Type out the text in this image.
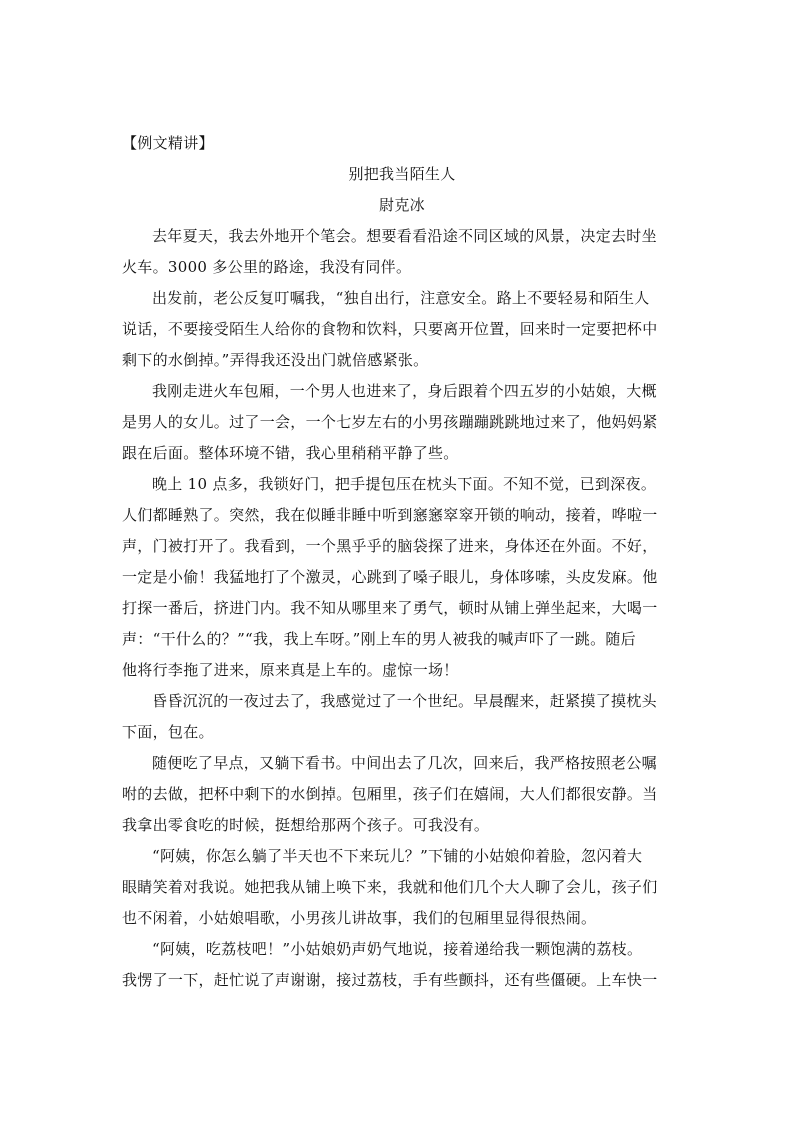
【例文精讲】

别把我当陌生人

尉克冰

去年夏天，我去外地开个笔会。想要看看沿途不同区域的风景，决定去时坐
火车。3000 多公里的路途，我没有同伴。

出发前，老公反复叮嘱我，“独自出行，注意安全。路上不要轻易和陌生人
说话，不要接受陌生人给你的食物和饮料，只要离开位置，回来时一定要把杯中
剩下的水倒掉。”弄得我还没出门就倍感紧张。

我刚走进火车包厢，一个男人也进来了，身后跟着个四五岁的小姑娘，大概
是男人的女儿。过了一会，一个七岁左右的小男孩蹦蹦跳跳地过来了，他妈妈紧
跟在后面。整体环境不错，我心里稍稍平静了些。

晚上 10 点多，我锁好门，把手提包压在枕头下面。不知不觉，已到深夜。
人们都睡熟了。突然，我在似睡非睡中听到窸窸窣窣开锁的响动，接着，哗啦一
声，门被打开了。我看到，一个黑乎乎的脑袋探了进来，身体还在外面。不好，
一定是小偷！我猛地打了个激灵，心跳到了嗓子眼儿，身体哆嗦，头皮发麻。他
打探一番后，挤进门内。我不知从哪里来了勇气，顿时从铺上弹坐起来，大喝一
声：“干什么的？”“我，我上车呀。”刚上车的男人被我的喊声吓了一跳。随后
他将行李拖了进来，原来真是上车的。虚惊一场！

昏昏沉沉的一夜过去了，我感觉过了一个世纪。早晨醒来，赶紧摸了摸枕头
下面，包在。

随便吃了早点，又躺下看书。中间出去了几次，回来后，我严格按照老公嘱
咐的去做，把杯中剩下的水倒掉。包厢里，孩子们在嬉闹，大人们都很安静。当
我拿出零食吃的时候，挺想给那两个孩子。可我没有。

“阿姨，你怎么躺了半天也不下来玩儿？”下铺的小姑娘仰着脸，忽闪着大
眼睛笑着对我说。她把我从铺上唤下来，我就和他们几个大人聊了会儿，孩子们
也不闲着，小姑娘唱歌，小男孩儿讲故事，我们的包厢里显得很热闹。

“阿姨，吃荔枝吧！”小姑娘奶声奶气地说，接着递给我一颗饱满的荔枝。
我愣了一下，赶忙说了声谢谢，接过荔枝，手有些颤抖，还有些僵硬。上车快一
